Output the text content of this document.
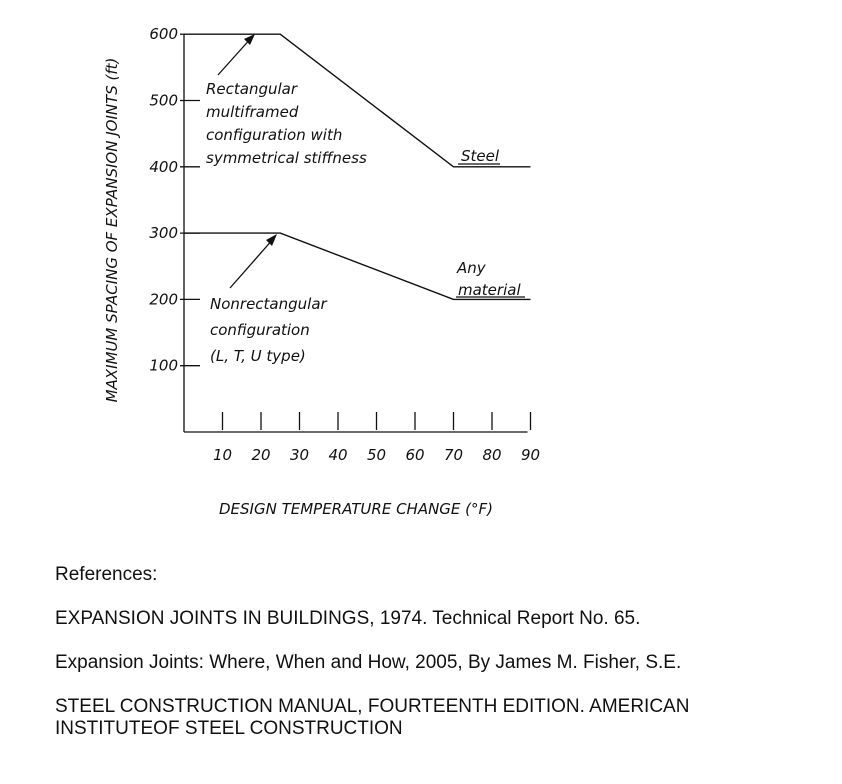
100
200
300
400
500
600
10 20 30 40 50 60 70 80 90
Rectangular
multiframed
configuration with
symmetrical stiffness
Nonrectangular
configuration
(L, T, U type)
Steel
Any
material
MAXIMUM SPACING OF EXPANSION JOINTS (ft)
DESIGN TEMPERATURE CHANGE (°F)

References:

EXPANSION JOINTS IN BUILDINGS, 1974. Technical Report No. 65.

Expansion Joints: Where, When and How, 2005, By James M. Fisher, S.E.

STEEL CONSTRUCTION MANUAL, FOURTEENTH EDITION. AMERICAN INSTITUTEOF STEEL CONSTRUCTION
